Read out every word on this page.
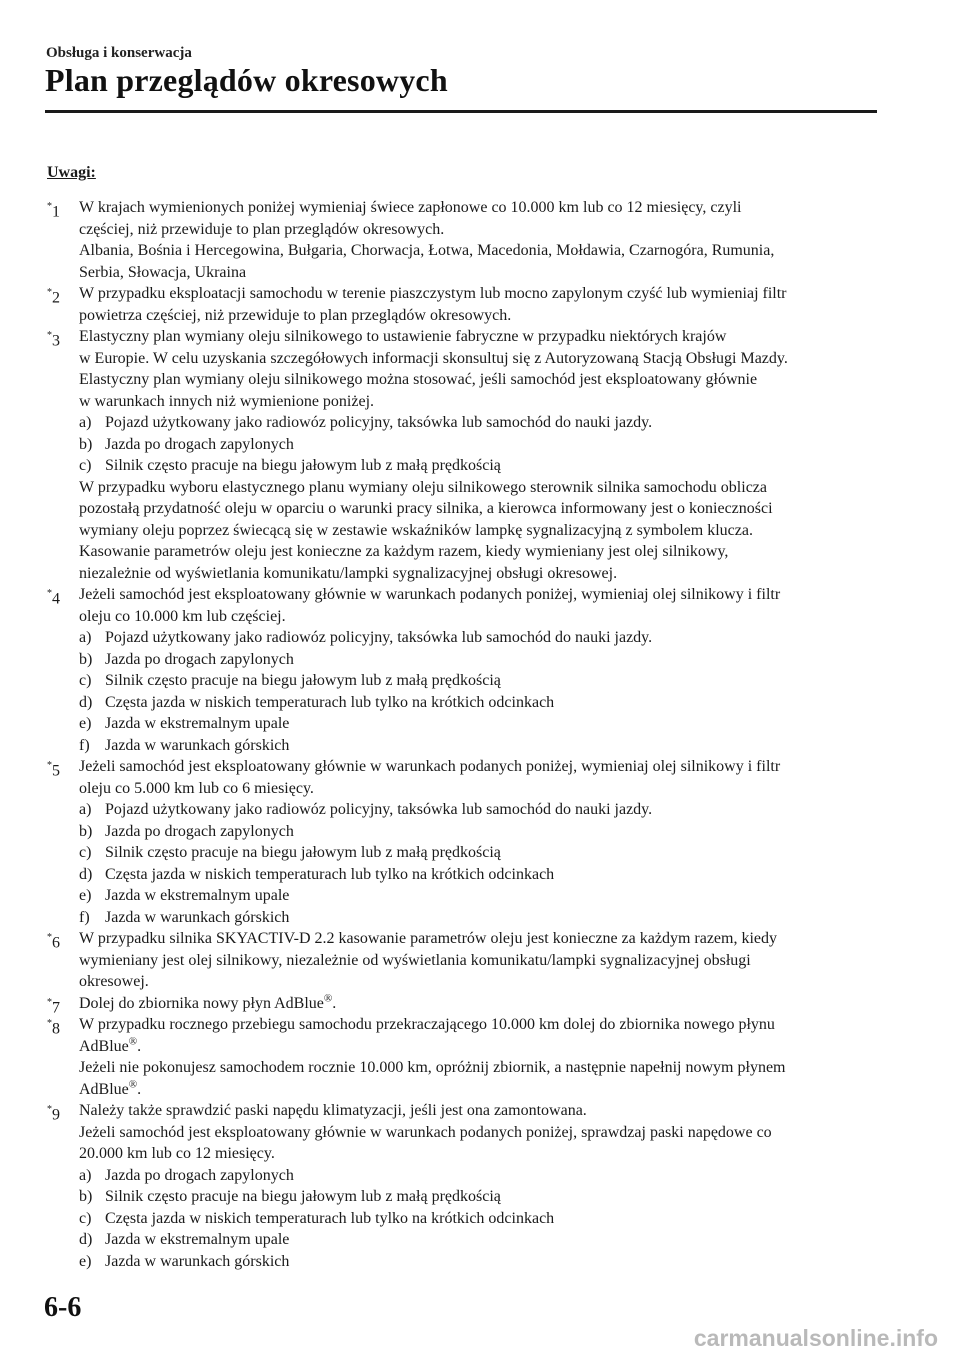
Obsługa i konserwacja
Plan przeglądów okresowych
Uwagi:
*1 W krajach wymienionych poniżej wymieniaj świece zapłonowe co 10.000 km lub co 12 miesięcy, czyli
częściej, niż przewiduje to plan przeglądów okresowych.
Albania, Bośnia i Hercegowina, Bułgaria, Chorwacja, Łotwa, Macedonia, Mołdawia, Czarnogóra, Rumunia,
Serbia, Słowacja, Ukraina
*2 W przypadku eksploatacji samochodu w terenie piaszczystym lub mocno zapylonym czyść lub wymieniaj filtr
powietrza częściej, niż przewiduje to plan przeglądów okresowych.
*3 Elastyczny plan wymiany oleju silnikowego to ustawienie fabryczne w przypadku niektórych krajów
w Europie. W celu uzyskania szczegółowych informacji skonsultuj się z Autoryzowaną Stacją Obsługi Mazdy.
Elastyczny plan wymiany oleju silnikowego można stosować, jeśli samochód jest eksploatowany głównie
w warunkach innych niż wymienione poniżej.
a) Pojazd użytkowany jako radiowóz policyjny, taksówka lub samochód do nauki jazdy.
b) Jazda po drogach zapylonych
c) Silnik często pracuje na biegu jałowym lub z małą prędkością
W przypadku wyboru elastycznego planu wymiany oleju silnikowego sterownik silnika samochodu oblicza
pozostałą przydatność oleju w oparciu o warunki pracy silnika, a kierowca informowany jest o konieczności
wymiany oleju poprzez świecącą się w zestawie wskaźników lampkę sygnalizacyjną z symbolem klucza.
Kasowanie parametrów oleju jest konieczne za każdym razem, kiedy wymieniany jest olej silnikowy,
niezależnie od wyświetlania komunikatu/lampki sygnalizacyjnej obsługi okresowej.
*4 Jeżeli samochód jest eksploatowany głównie w warunkach podanych poniżej, wymieniaj olej silnikowy i filtr
oleju co 10.000 km lub częściej.
a) Pojazd użytkowany jako radiowóz policyjny, taksówka lub samochód do nauki jazdy.
b) Jazda po drogach zapylonych
c) Silnik często pracuje na biegu jałowym lub z małą prędkością
d) Częsta jazda w niskich temperaturach lub tylko na krótkich odcinkach
e) Jazda w ekstremalnym upale
f) Jazda w warunkach górskich
*5 Jeżeli samochód jest eksploatowany głównie w warunkach podanych poniżej, wymieniaj olej silnikowy i filtr
oleju co 5.000 km lub co 6 miesięcy.
a) Pojazd użytkowany jako radiowóz policyjny, taksówka lub samochód do nauki jazdy.
b) Jazda po drogach zapylonych
c) Silnik często pracuje na biegu jałowym lub z małą prędkością
d) Częsta jazda w niskich temperaturach lub tylko na krótkich odcinkach
e) Jazda w ekstremalnym upale
f) Jazda w warunkach górskich
*6 W przypadku silnika SKYACTIV-D 2.2 kasowanie parametrów oleju jest konieczne za każdym razem, kiedy
wymieniany jest olej silnikowy, niezależnie od wyświetlania komunikatu/lampki sygnalizacyjnej obsługi
okresowej.
*7 Dolej do zbiornika nowy płyn AdBlue®.
*8 W przypadku rocznego przebiegu samochodu przekraczającego 10.000 km dolej do zbiornika nowego płynu
AdBlue®.
Jeżeli nie pokonujesz samochodem rocznie 10.000 km, opróżnij zbiornik, a następnie napełnij nowym płynem
AdBlue®.
*9 Należy także sprawdzić paski napędu klimatyzacji, jeśli jest ona zamontowana.
Jeżeli samochód jest eksploatowany głównie w warunkach podanych poniżej, sprawdzaj paski napędowe co
20.000 km lub co 12 miesięcy.
a) Jazda po drogach zapylonych
b) Silnik często pracuje na biegu jałowym lub z małą prędkością
c) Częsta jazda w niskich temperaturach lub tylko na krótkich odcinkach
d) Jazda w ekstremalnym upale
e) Jazda w warunkach górskich
6-6
carmanualsonline.info
